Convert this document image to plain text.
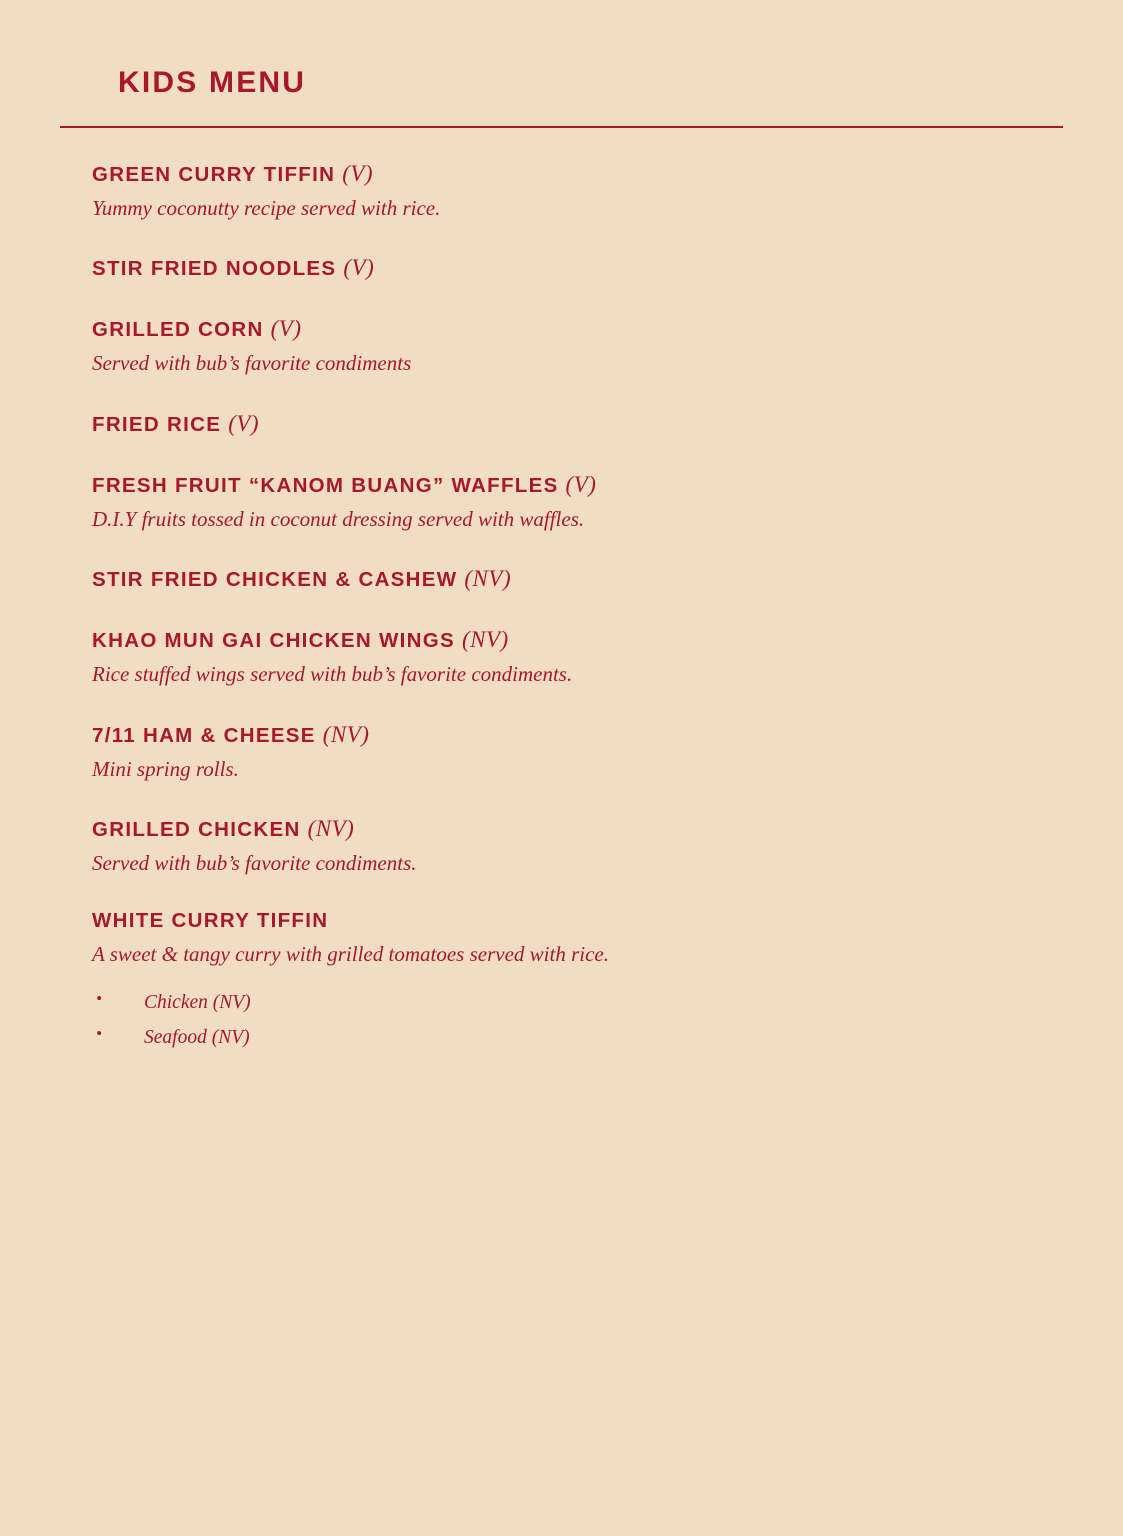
KIDS MENU
GREEN CURRY TIFFIN (V)
Yummy coconutty recipe served with rice.
STIR FRIED NOODLES (V)
GRILLED CORN (V)
Served with bub’s favorite condiments
FRIED RICE (V)
FRESH FRUIT “KANOM BUANG” WAFFLES (V)
D.I.Y fruits tossed in coconut dressing served with waffles.
STIR FRIED CHICKEN & CASHEW (NV)
KHAO MUN GAI CHICKEN WINGS (NV)
Rice stuffed wings served with bub’s favorite condiments.
7/11 HAM & CHEESE (NV)
Mini spring rolls.
GRILLED CHICKEN (NV)
Served with bub’s favorite condiments.
WHITE CURRY TIFFIN
A sweet & tangy curry with grilled tomatoes served with rice.
• Chicken (NV)
• Seafood (NV)
